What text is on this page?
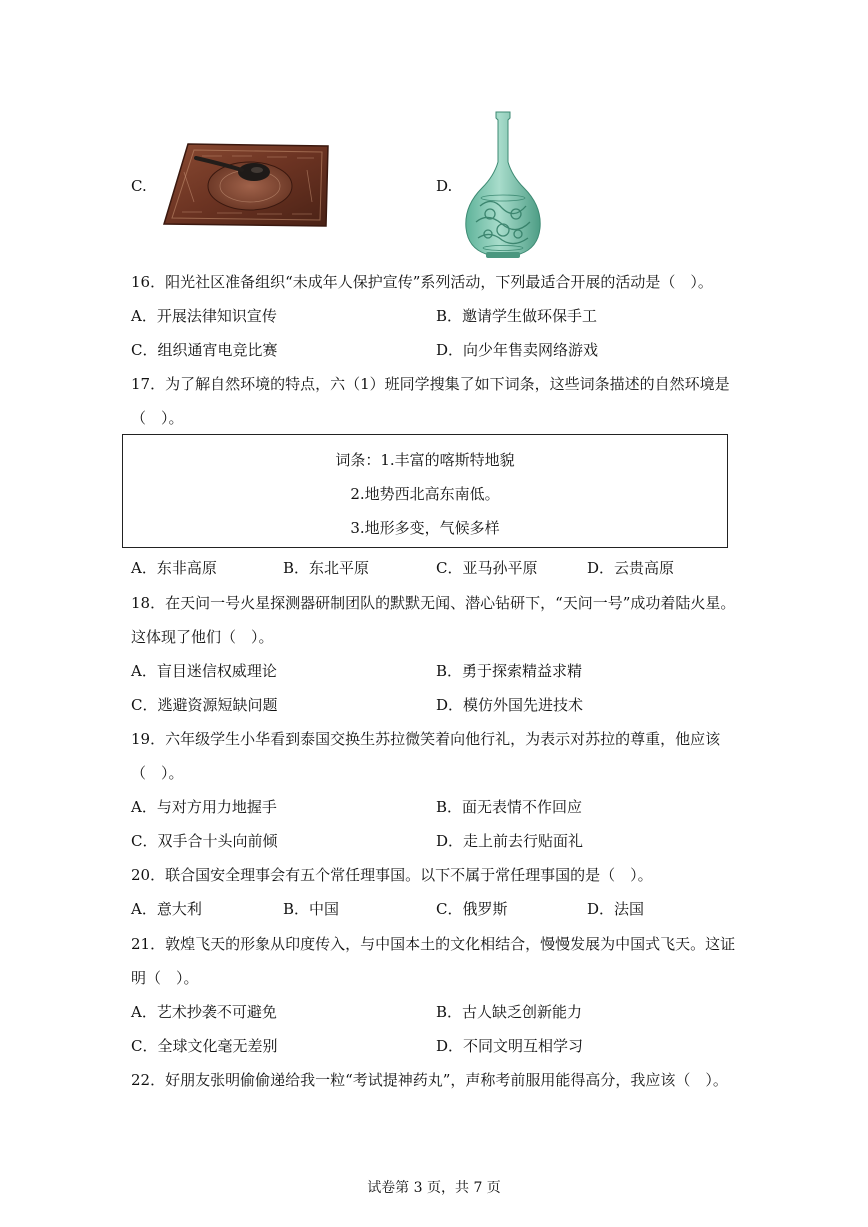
C.	D.
16．阳光社区准备组织“未成年人保护宣传”系列活动，下列最适合开展的活动是（　）。
A．开展法律知识宣传	B．邀请学生做环保手工
C．组织通宵电竞比赛	D．向少年售卖网络游戏
17．为了解自然环境的特点，六（1）班同学搜集了如下词条，这些词条描述的自然环境是
（　）。
词条：1.丰富的喀斯特地貌
2.地势西北高东南低。
3.地形多变，气候多样
A．东非高原	B．东北平原	C．亚马孙平原	D．云贵高原
18．在天问一号火星探测器研制团队的默默无闻、潜心钻研下，“天问一号”成功着陆火星。
这体现了他们（　）。
A．盲目迷信权威理论	B．勇于探索精益求精
C．逃避资源短缺问题	D．模仿外国先进技术
19．六年级学生小华看到泰国交换生苏拉微笑着向他行礼，为表示对苏拉的尊重，他应该
（　）。
A．与对方用力地握手	B．面无表情不作回应
C．双手合十头向前倾	D．走上前去行贴面礼
20．联合国安全理事会有五个常任理事国。以下不属于常任理事国的是（　）。
A．意大利	B．中国	C．俄罗斯	D．法国
21．敦煌飞天的形象从印度传入，与中国本土的文化相结合，慢慢发展为中国式飞天。这证
明（　）。
A．艺术抄袭不可避免	B．古人缺乏创新能力
C．全球文化毫无差别	D．不同文明互相学习
22．好朋友张明偷偷递给我一粒“考试提神药丸”，声称考前服用能得高分，我应该（　）。
试卷第 3 页，共 7 页
